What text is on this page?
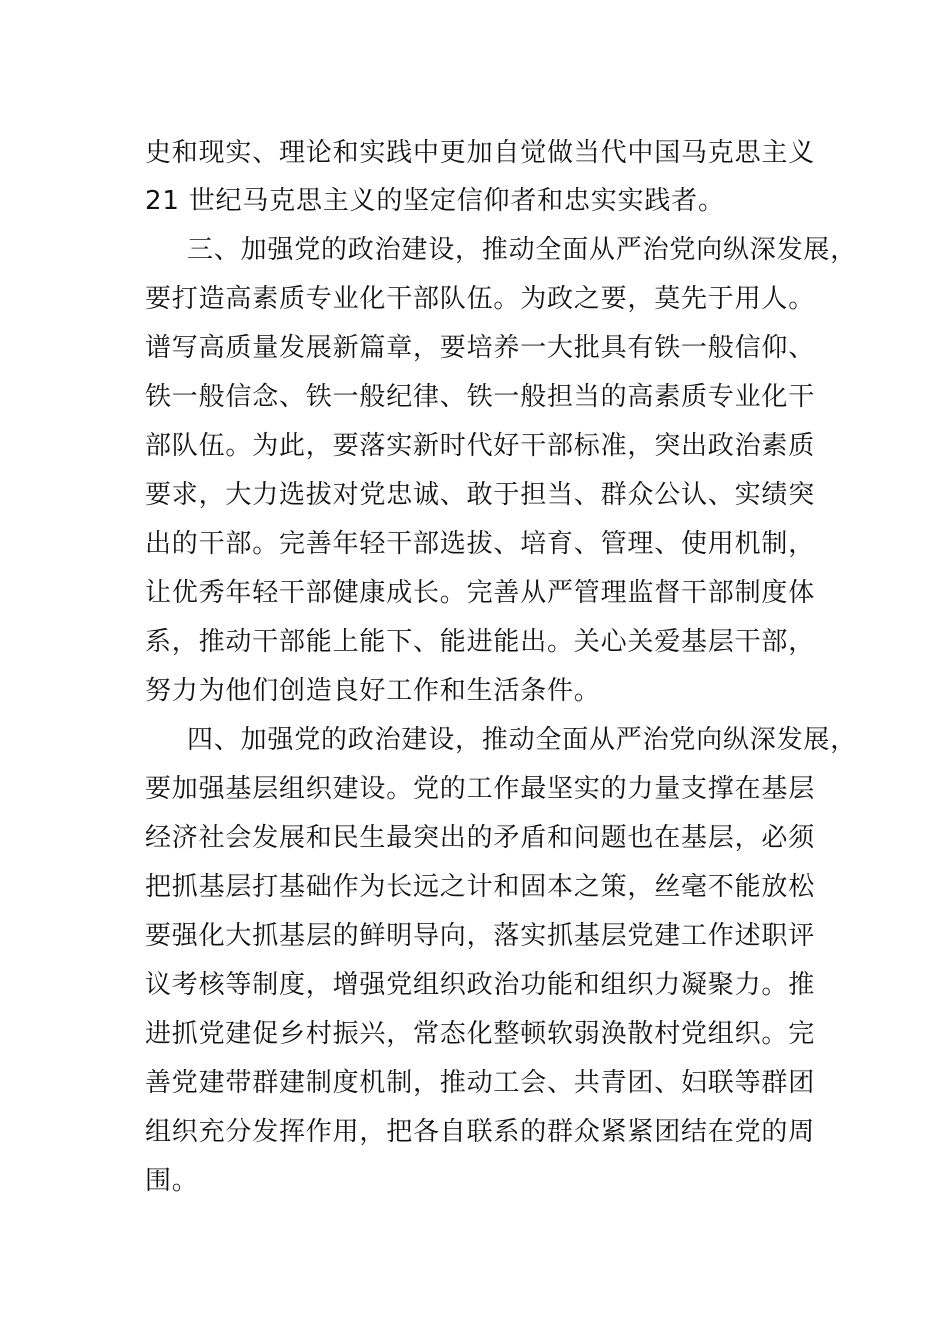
史和现实、理论和实践中更加自觉做当代中国马克思主义
21 世纪马克思主义的坚定信仰者和忠实实践者。
三、加强党的政治建设，推动全面从严治党向纵深发展，
要打造高素质专业化干部队伍。为政之要，莫先于用人。
谱写高质量发展新篇章，要培养一大批具有铁一般信仰、
铁一般信念、铁一般纪律、铁一般担当的高素质专业化干
部队伍。为此，要落实新时代好干部标准，突出政治素质
要求，大力选拔对党忠诚、敢于担当、群众公认、实绩突
出的干部。完善年轻干部选拔、培育、管理、使用机制，
让优秀年轻干部健康成长。完善从严管理监督干部制度体
系，推动干部能上能下、能进能出。关心关爱基层干部，
努力为他们创造良好工作和生活条件。
四、加强党的政治建设，推动全面从严治党向纵深发展，
要加强基层组织建设。党的工作最坚实的力量支撑在基层
经济社会发展和民生最突出的矛盾和问题也在基层，必须
把抓基层打基础作为长远之计和固本之策，丝毫不能放松
要强化大抓基层的鲜明导向，落实抓基层党建工作述职评
议考核等制度，增强党组织政治功能和组织力凝聚力。推
进抓党建促乡村振兴，常态化整顿软弱涣散村党组织。完
善党建带群建制度机制，推动工会、共青团、妇联等群团
组织充分发挥作用，把各自联系的群众紧紧团结在党的周
围。
